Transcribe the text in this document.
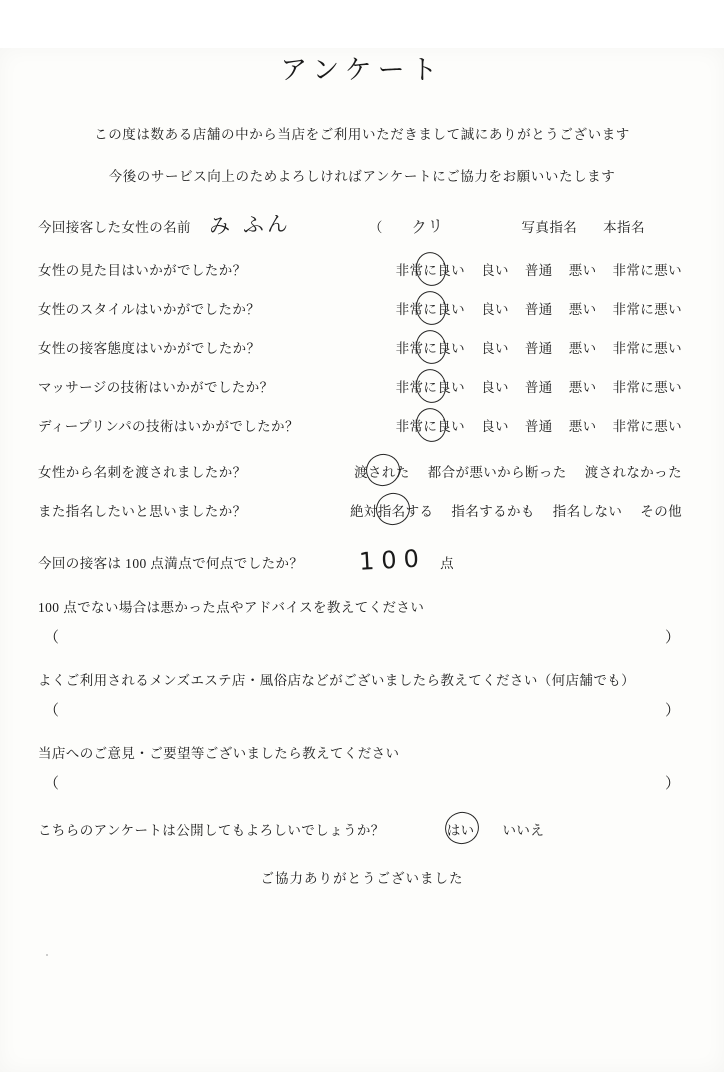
アンケート
この度は数ある店舗の中から当店をご利用いただきまして誠にありがとうございます
今後のサービス向上のためよろしければアンケートにご協力をお願いいたします
今回接客した女性の名前 み ふん	（ クリ	写真指名 本指名
女性の見た目はいかがでしたか？	非常に良い 良い 普通 悪い 非常に悪い
女性のスタイルはいかがでしたか？	非常に良い 良い 普通 悪い 非常に悪い
女性の接客態度はいかがでしたか？	非常に良い 良い 普通 悪い 非常に悪い
マッサージの技術はいかがでしたか？	非常に良い 良い 普通 悪い 非常に悪い
ディープリンパの技術はいかがでしたか？	非常に良い 良い 普通 悪い 非常に悪い
女性から名刺を渡されましたか？	渡された 都合が悪いから断った 渡されなかった
また指名したいと思いましたか？	絶対指名する 指名するかも 指名しない その他
今回の接客は 100 点満点で何点でしたか？ 100 点
100 点でない場合は悪かった点やアドバイスを教えてください
（	）
よくご利用されるメンズエステ店・風俗店などがございましたら教えてください（何店舗でも）
（	）
当店へのご意見・ご要望等ございましたら教えてください
（	）
こちらのアンケートは公開してもよろしいでしょうか？	はい いいえ
ご協力ありがとうございました
